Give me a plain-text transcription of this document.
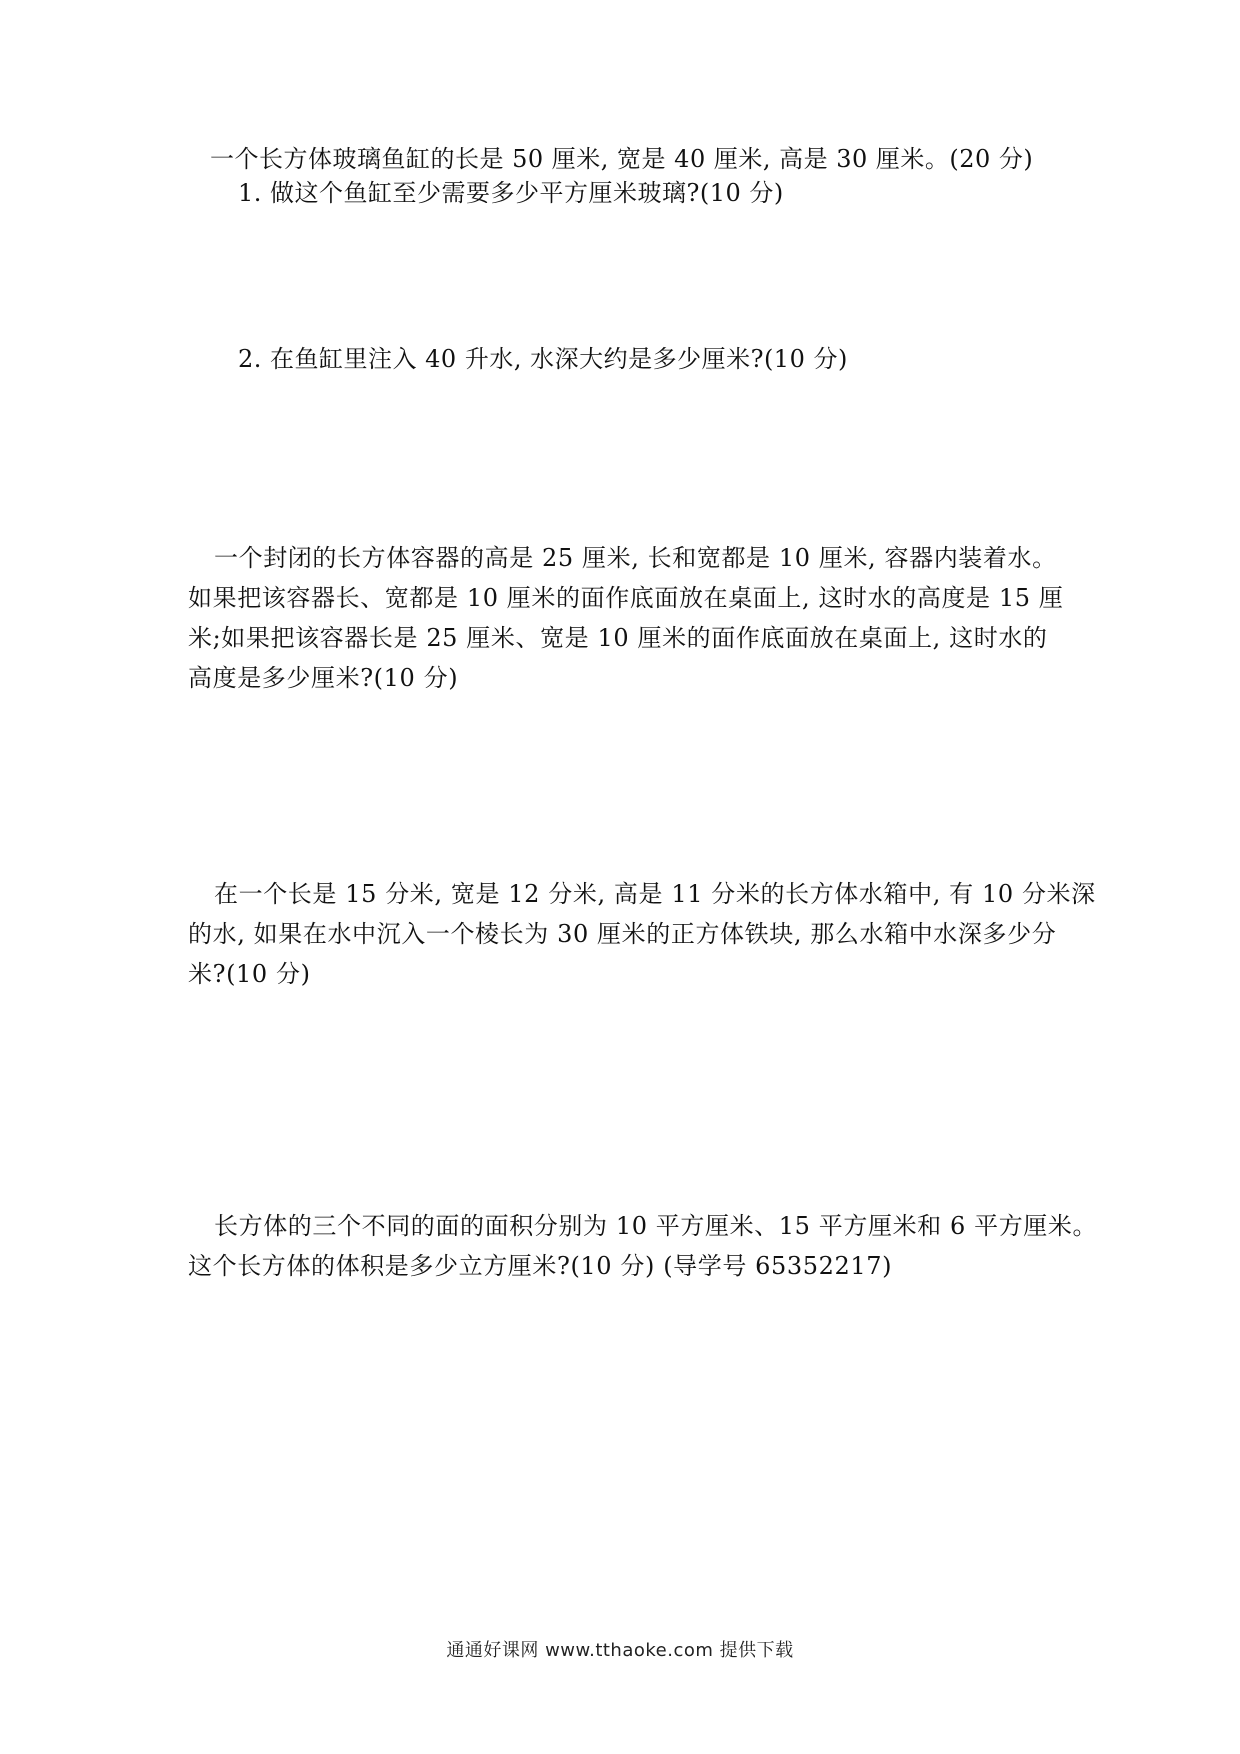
一个长方体玻璃鱼缸的长是 50 厘米, 宽是 40 厘米, 高是 30 厘米。(20 分)
1. 做这个鱼缸至少需要多少平方厘米玻璃?(10 分)
2. 在鱼缸里注入 40 升水, 水深大约是多少厘米?(10 分)
一个封闭的长方体容器的高是 25 厘米, 长和宽都是 10 厘米, 容器内装着水。
如果把该容器长、宽都是 10 厘米的面作底面放在桌面上, 这时水的高度是 15 厘
米;如果把该容器长是 25 厘米、宽是 10 厘米的面作底面放在桌面上, 这时水的
高度是多少厘米?(10 分)
在一个长是 15 分米, 宽是 12 分米, 高是 11 分米的长方体水箱中, 有 10 分米深
的水, 如果在水中沉入一个棱长为 30 厘米的正方体铁块, 那么水箱中水深多少分
米?(10 分)
长方体的三个不同的面的面积分别为 10 平方厘米、15 平方厘米和 6 平方厘米。
这个长方体的体积是多少立方厘米?(10 分) (导学号 65352217)
通通好课网 www.tthaoke.com 提供下载
